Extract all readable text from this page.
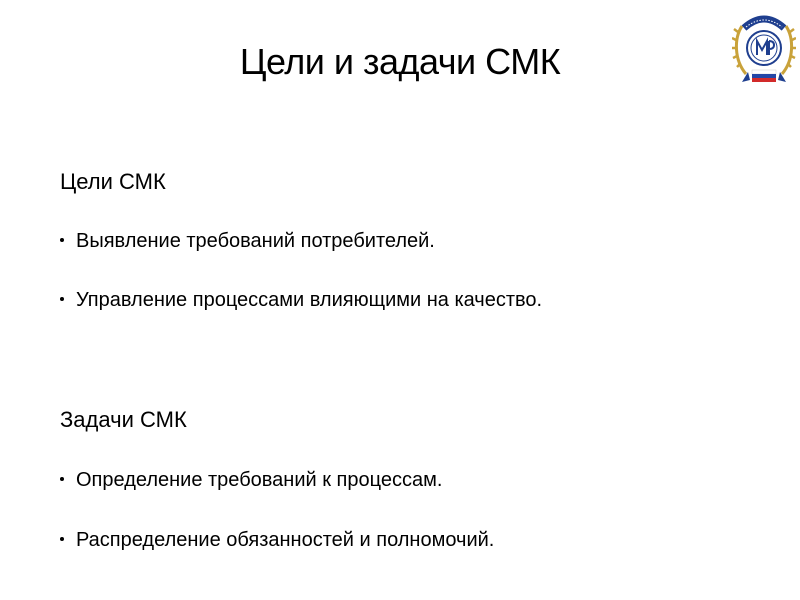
Цели и задачи СМК
Цели СМК
Выявление требований потребителей.
Управление процессами влияющими на качество.
Задачи СМК
Определение требований к процессам.
Распределение обязанностей и полномочий.
